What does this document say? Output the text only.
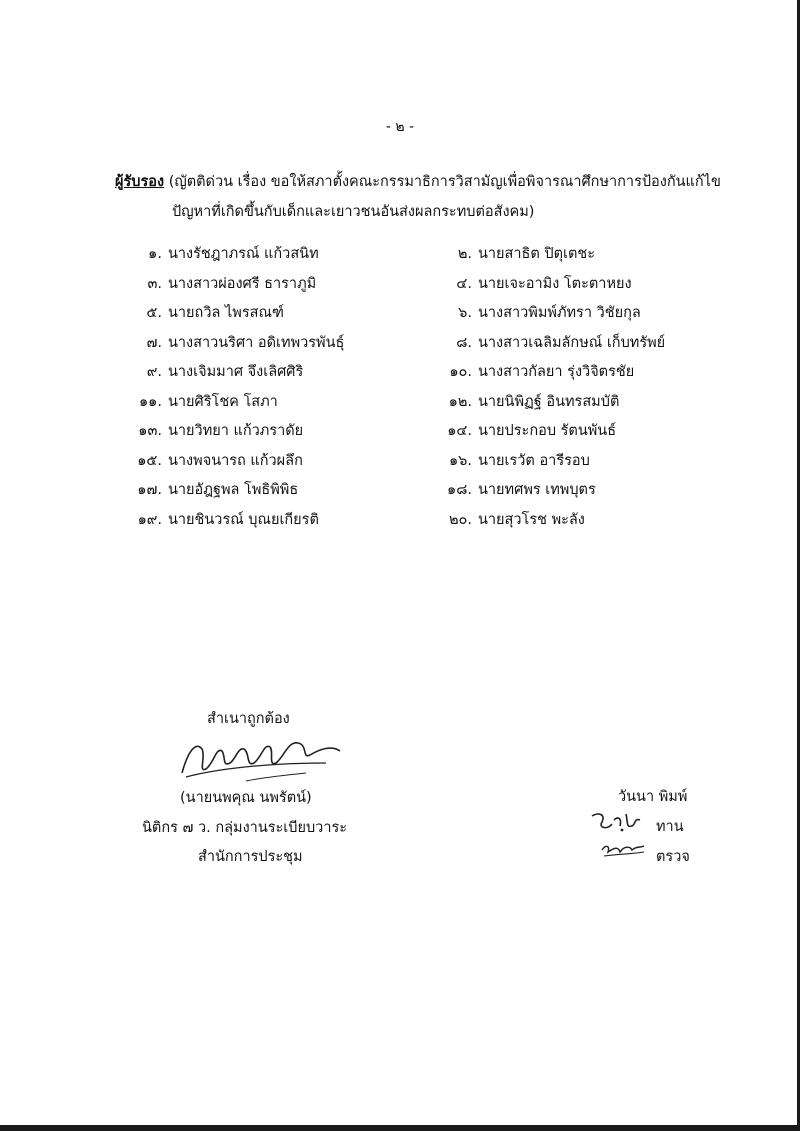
- ๒ -
ผู้รับรอง (ญัตติด่วน เรื่อง ขอให้สภาตั้งคณะกรรมาธิการวิสามัญเพื่อพิจารณาศึกษาการป้องกันแก้ไข
ปัญหาที่เกิดขึ้นกับเด็กและเยาวชนอันส่งผลกระทบต่อสังคม)
๑. นางรัชฎาภรณ์ แก้วสนิท	๒. นายสาธิต ปิตุเตชะ
๓. นางสาวผ่องศรี ธาราภูมิ	๔. นายเจะอามิง โตะตาหยง
๕. นายถวิล ไพรสณฑ์	๖. นางสาวพิมพ์ภัทรา วิชัยกุล
๗. นางสาวนริศา อดิเทพวรพันธุ์	๘. นางสาวเฉลิมลักษณ์ เก็บทรัพย์
๙. นางเจิมมาศ จึงเลิศศิริ	๑๐. นางสาวกัลยา รุ่งวิจิตรชัย
๑๑. นายศิริโชค โสภา	๑๒. นายนิพิฏฐ์ อินทรสมบัติ
๑๓. นายวิทยา แก้วภราดัย	๑๔. นายประกอบ รัตนพันธ์
๑๕. นางพจนารถ แก้วผลึก	๑๖. นายเรวัต อารีรอบ
๑๗. นายอัฎฐพล โพธิพิพิธ	๑๘. นายทศพร เทพบุตร
๑๙. นายชินวรณ์ บุณยเกียรติ	๒๐. นายสุวโรช พะลัง
สำเนาถูกต้อง
(นายนพคุณ นพรัตน์)
นิติกร ๗ ว. กลุ่มงานระเบียบวาระ
สำนักการประชุม
วันนา พิมพ์
ทาน
ตรวจ
